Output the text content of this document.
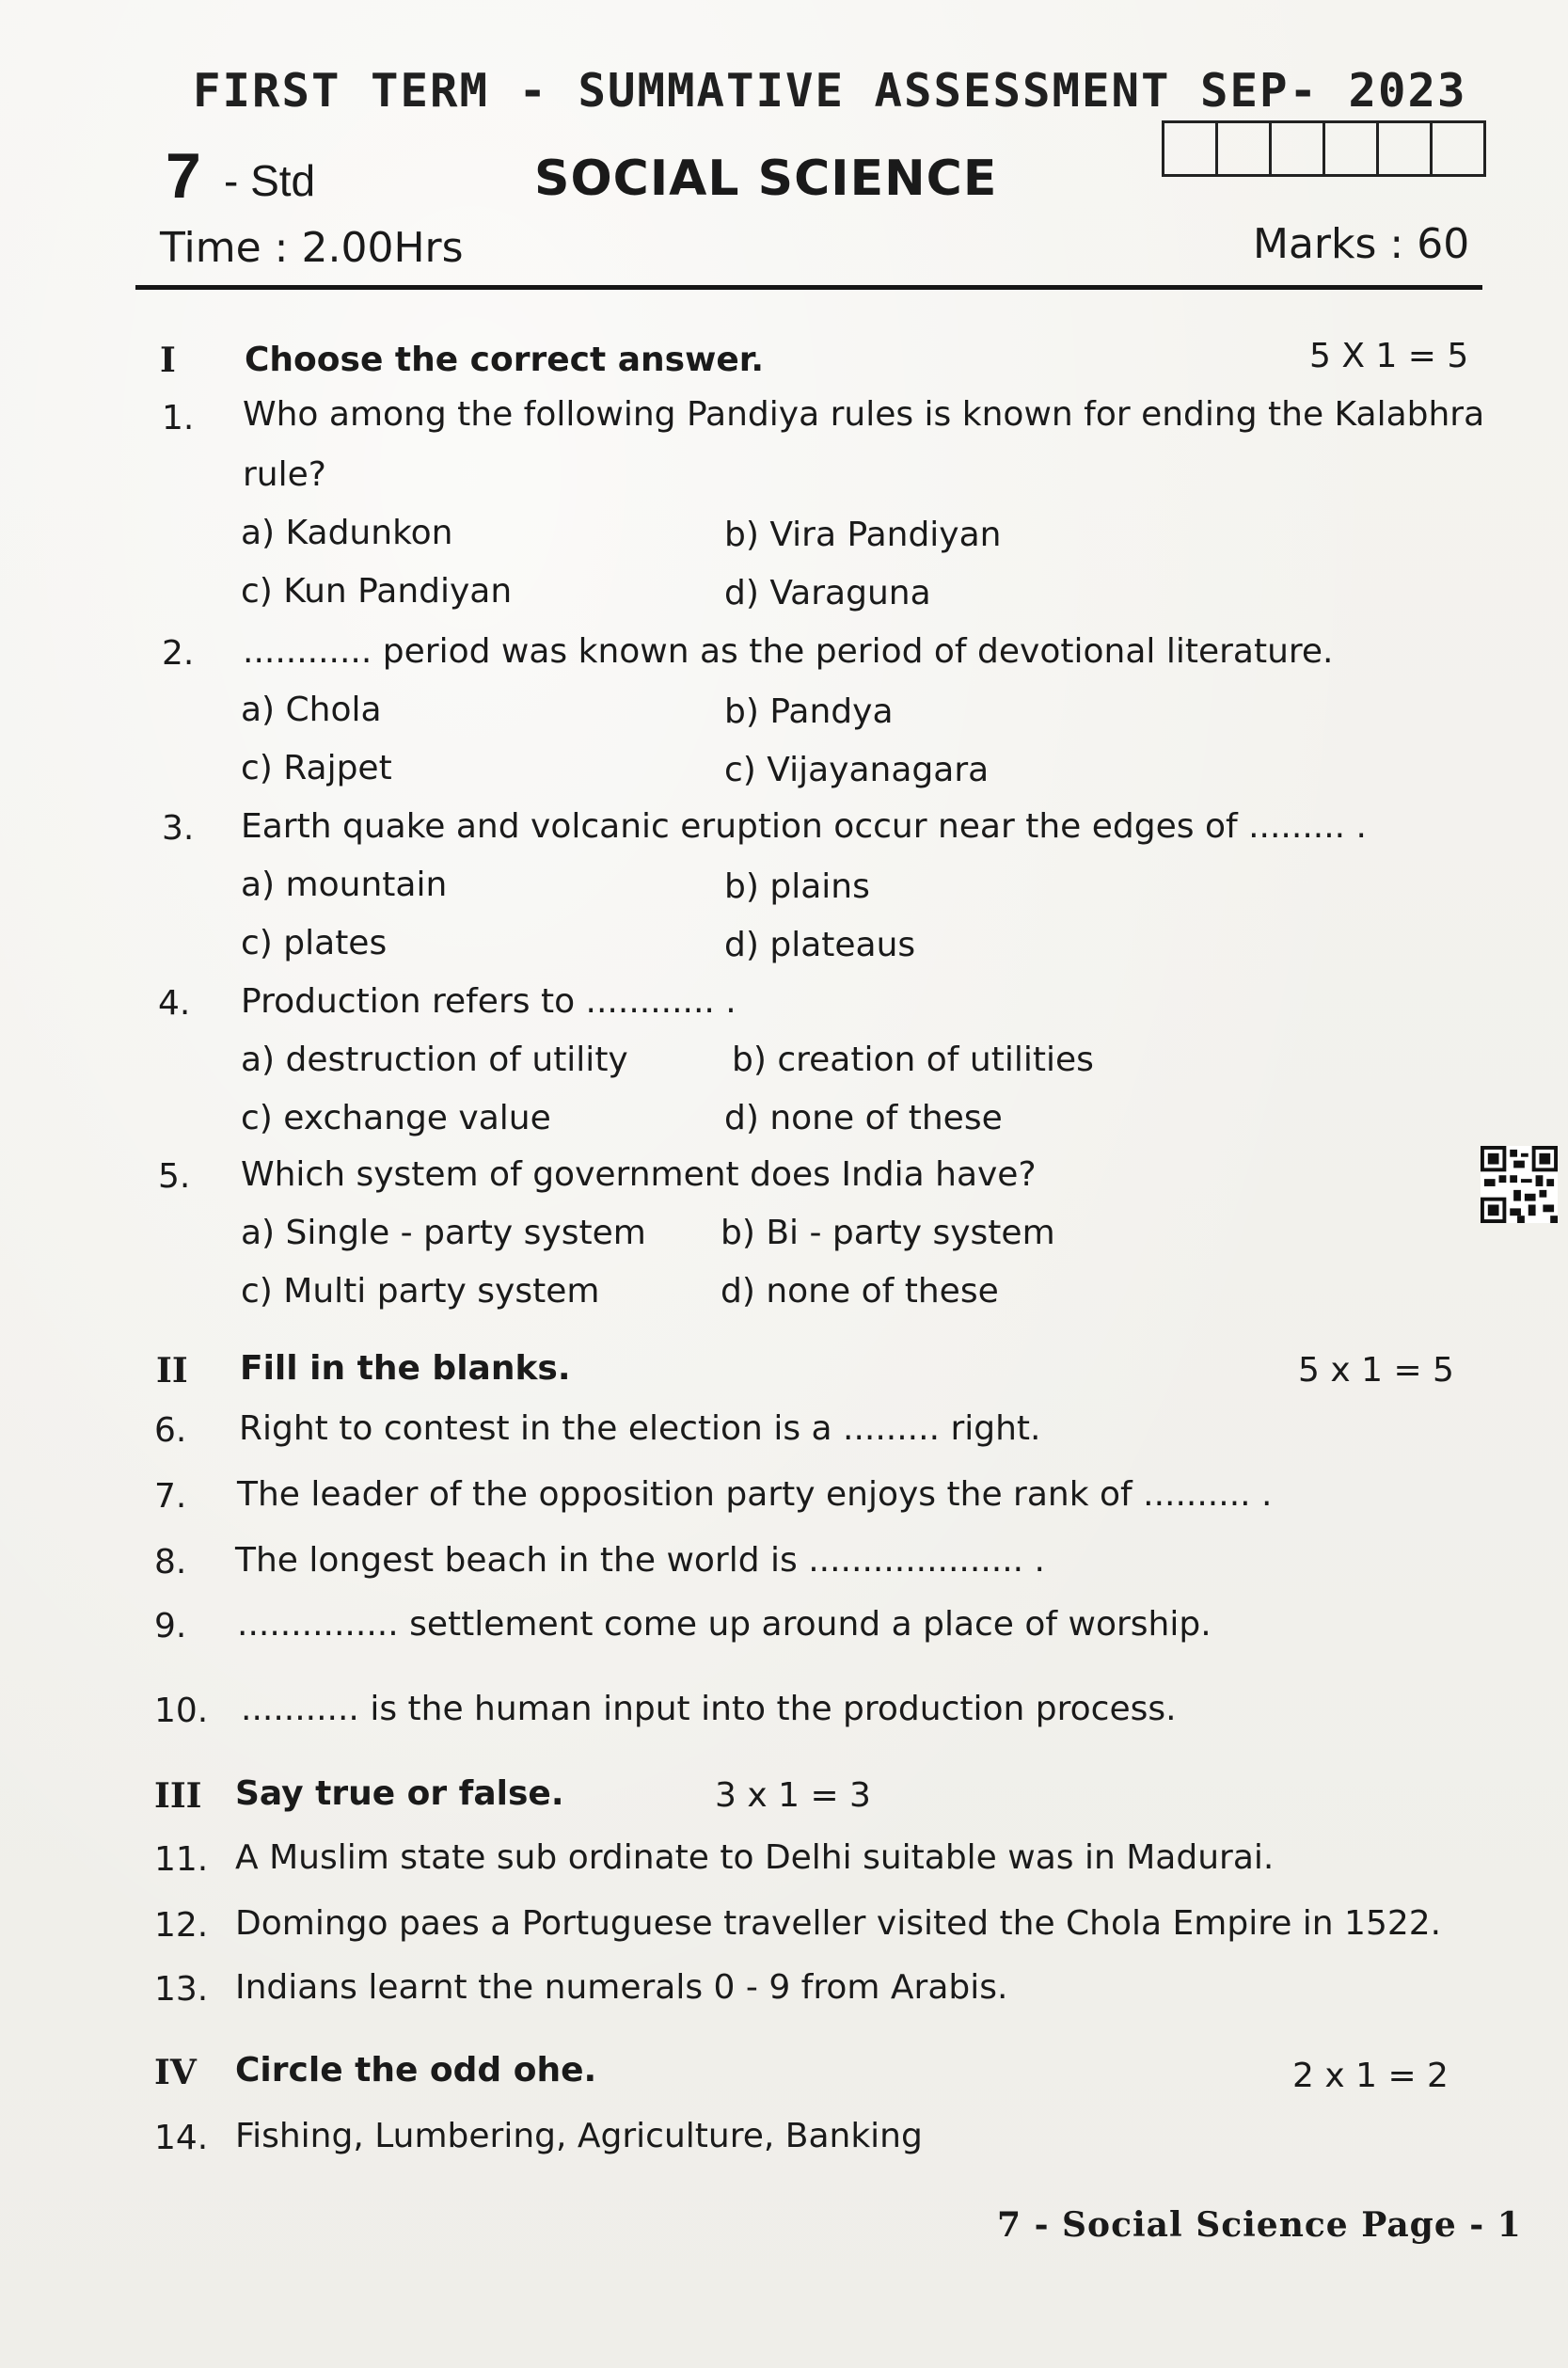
FIRST TERM - SUMMATIVE ASSESSMENT SEP- 2023
7 - Std	SOCIAL SCIENCE
Time : 2.00Hrs	Marks : 60
I Choose the correct answer.	5 X 1 = 5
1. Who among the following Pandiya rules is known for ending the Kalabhra
rule?
a) Kadunkon	b) Vira Pandiyan
c) Kun Pandiyan	d) Varaguna
2. ............ period was known as the period of devotional literature.
a) Chola	b) Pandya
c) Rajpet	c) Vijayanagara
3. Earth quake and volcanic eruption occur near the edges of ......... .
a) mountain	b) plains
c) plates	d) plateaus
4. Production refers to ............ .
a) destruction of utility	b) creation of utilities
c) exchange value	d) none of these
5. Which system of government does India have?
a) Single - party system b) Bi - party system
c) Multi party system	d) none of these
II Fill in the blanks.	5 x 1 = 5
6. Right to contest in the election is a ......... right.
7. The leader of the opposition party enjoys the rank of .......... .
8. The longest beach in the world is .................... .
9. ............... settlement come up around a place of worship.
10. ........... is the human input into the production process.
III Say true or false.	3 x 1 = 3
11. A Muslim state sub ordinate to Delhi suitable was in Madurai.
12. Domingo paes a Portuguese traveller visited the Chola Empire in 1522.
13. Indians learnt the numerals 0 - 9 from Arabis.
IV Circle the odd ohe.	2 x 1 = 2
14. Fishing, Lumbering, Agriculture, Banking
7 - Social Science Page - 1
